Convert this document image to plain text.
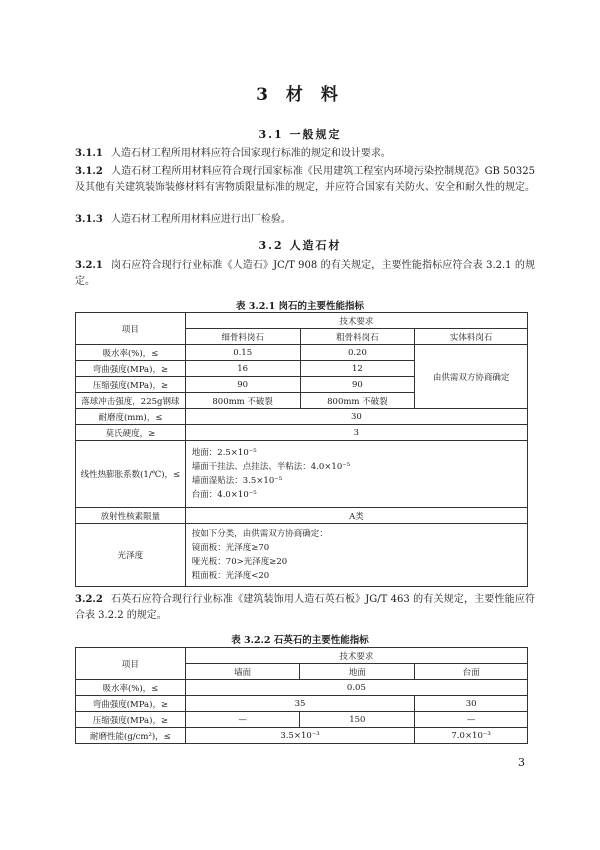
3 材 料
3.1 一般规定
3.1.1 人造石材工程所用材料应符合国家现行标准的规定和设计要求。
3.1.2 人造石材工程所用材料应符合现行国家标准《民用建筑工程室内环境污染控制规范》GB 50325 及其他有关建筑装饰装修材料有害物质限量标准的规定，并应符合国家有关防火、安全和耐久性的规定。
3.1.3 人造石材工程所用材料应进行出厂检验。
3.2 人造石材
3.2.1 岗石应符合现行行业标准《人造石》JC/T 908 的有关规定，主要性能指标应符合表 3.2.1 的规定。
表 3.2.1 岗石的主要性能指标
项目	技术要求		
	细骨料岗石	粗骨料岗石	实体料岗石
吸水率(%)，≤	0.15	0.20	由供需双方协商确定
弯曲强度(MPa)，≥	16	12	
压缩强度(MPa)，≥	90	90	
落球冲击强度，225g钢球	800mm 不破裂	800mm 不破裂	
耐磨度(mm)，≤	30		
莫氏硬度，≥	3		
线性热膨胀系数(1/℃)，≤	地面：2.5×10⁻⁵
墙面干挂法、点挂法、半粘法：4.0×10⁻⁵
墙面湿贴法：3.5×10⁻⁵
台面：4.0×10⁻⁵		

放射性核素限量	A类		
光泽度	按如下分类，由供需双方协商确定：
镜面板：光泽度≥70
哑光板：70>光泽度≥20
粗面板：光泽度<20		
3.2.2 石英石应符合现行行业标准《建筑装饰用人造石英石板》JG/T 463 的有关规定，主要性能应符合表 3.2.2 的规定。
表 3.2.2 石英石的主要性能指标
项目	技术要求		
	墙面	地面	台面
吸水率(%)，≤	0.05		
弯曲强度(MPa)，≥	35		30
压缩强度(MPa)，≥	—	150	—
耐磨性能(g/cm²)，≤	3.5×10⁻³		7.0×10⁻³
3
